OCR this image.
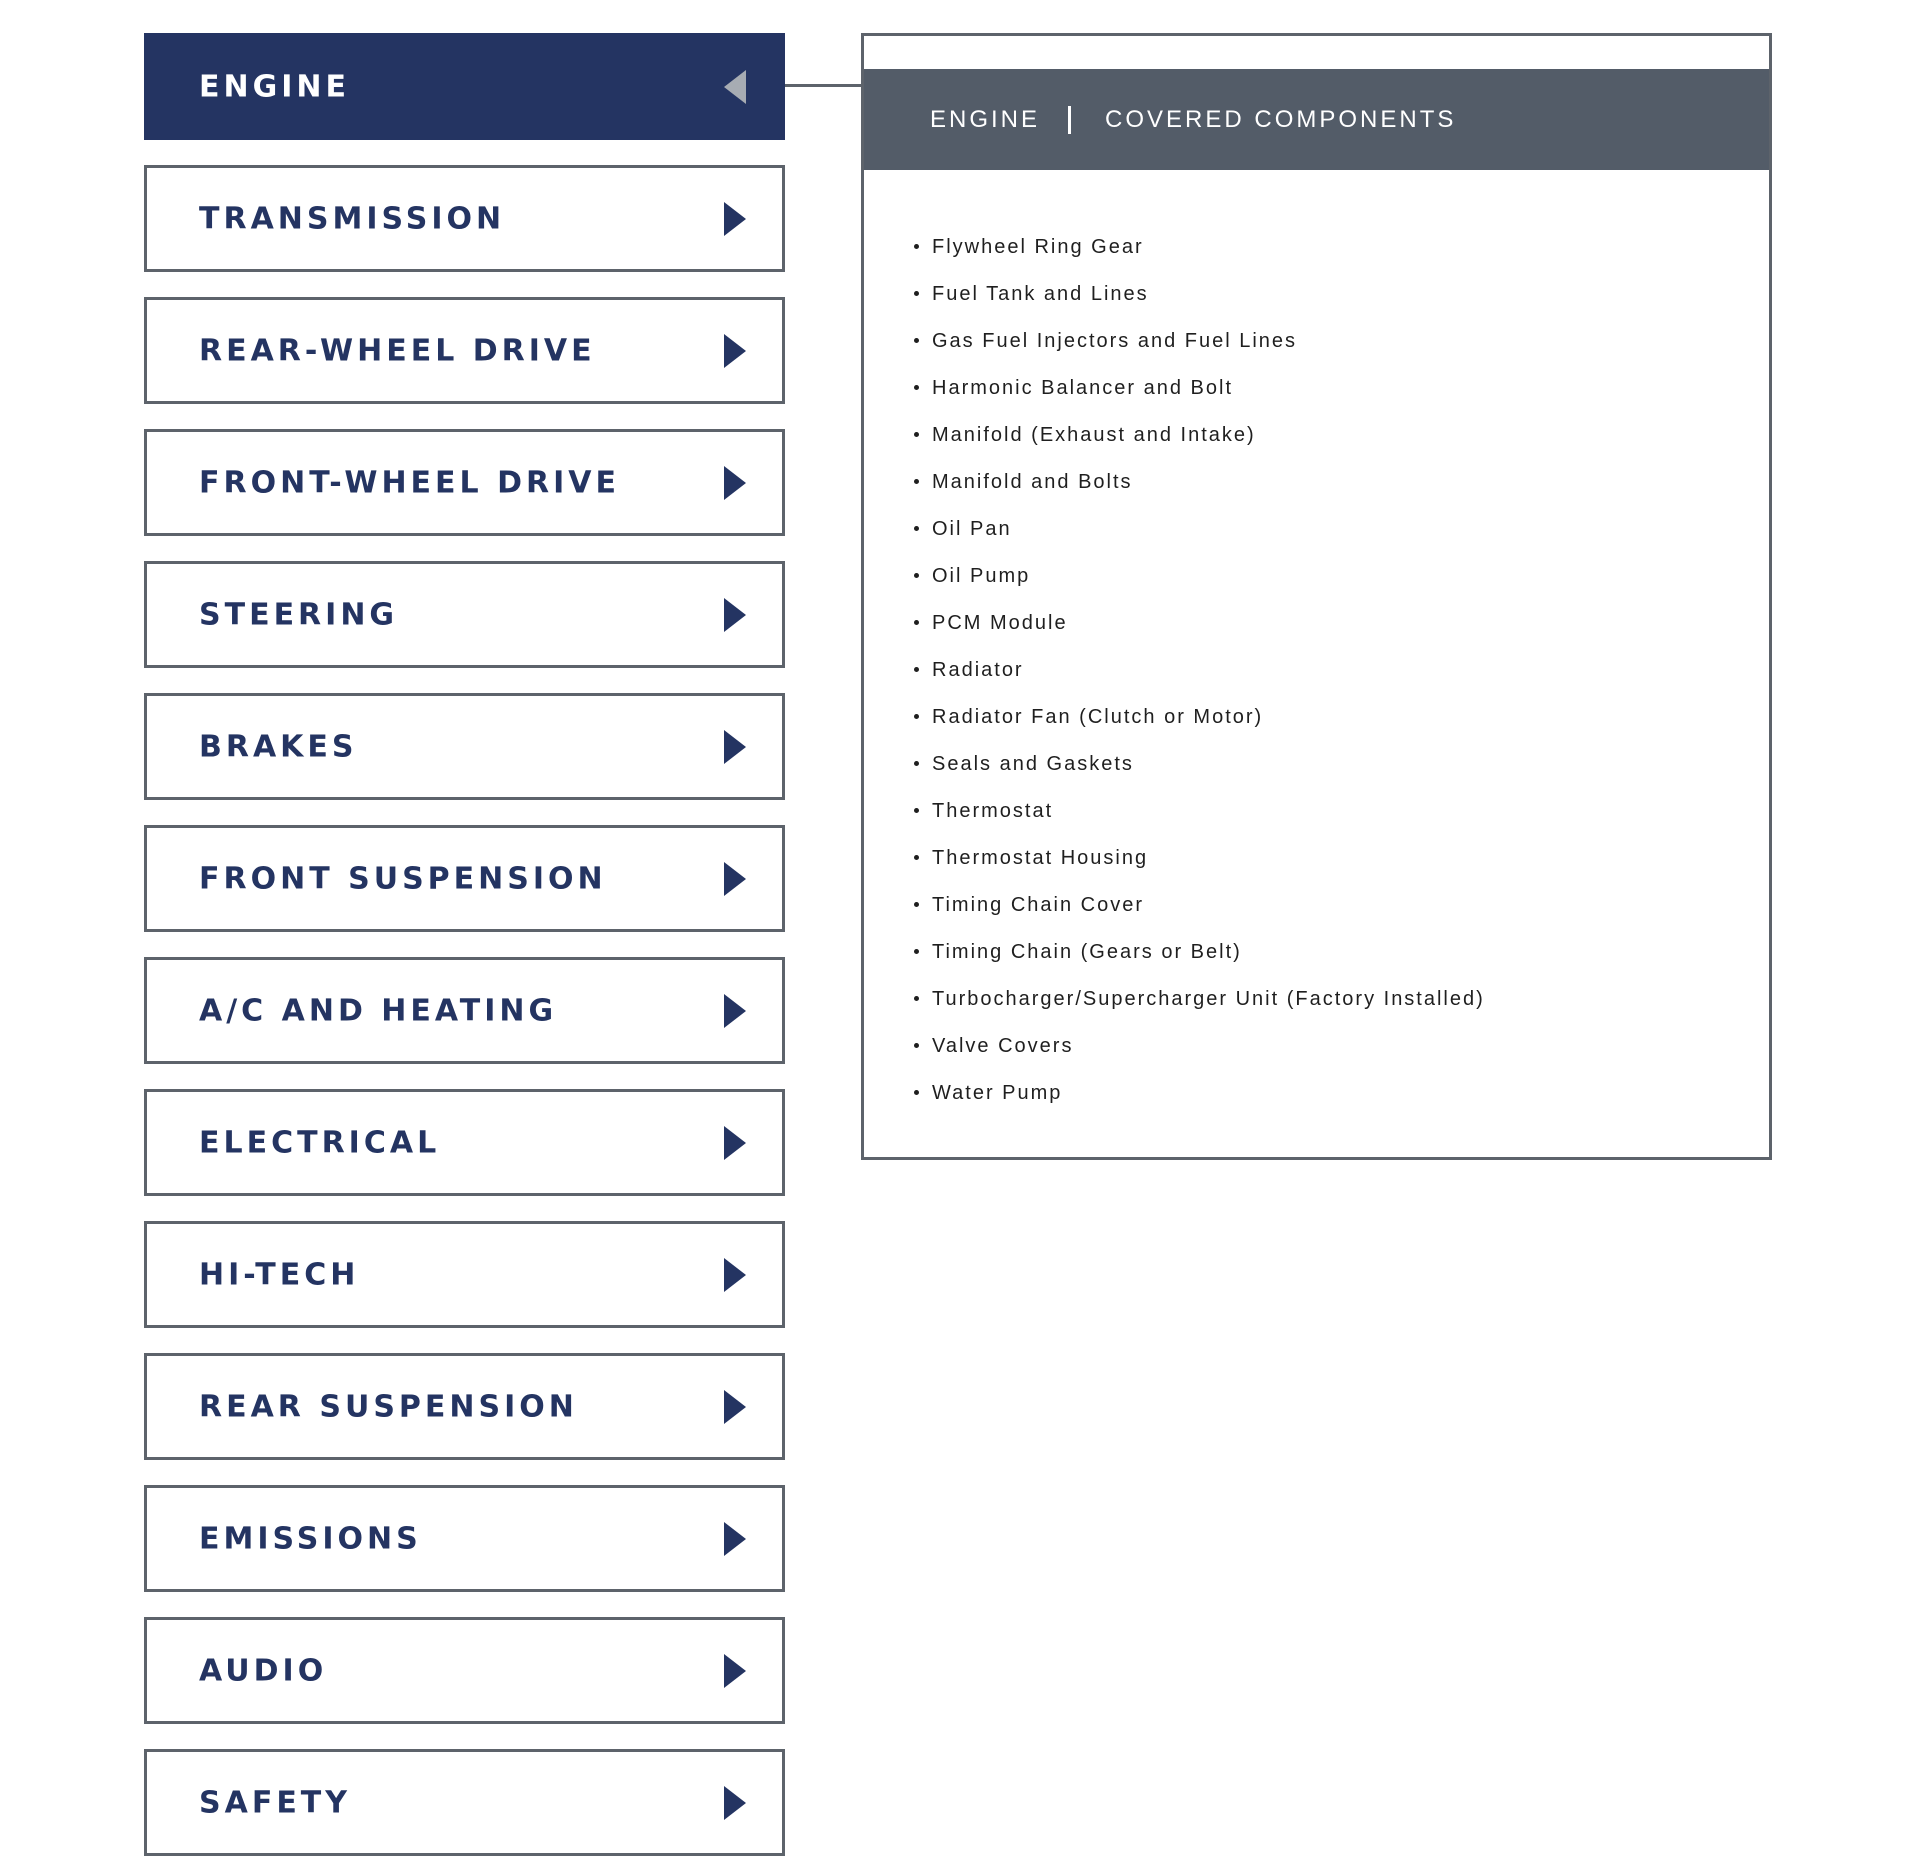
ENGINE
TRANSMISSION
REAR-WHEEL DRIVE
FRONT-WHEEL DRIVE
STEERING
BRAKES
FRONT SUSPENSION
A/C AND HEATING
ELECTRICAL
HI-TECH
REAR SUSPENSION
EMISSIONS
AUDIO
SAFETY
ENGINE	COVERED COMPONENTS
Flywheel Ring Gear
Fuel Tank and Lines
Gas Fuel Injectors and Fuel Lines
Harmonic Balancer and Bolt
Manifold (Exhaust and Intake)
Manifold and Bolts
Oil Pan
Oil Pump
PCM Module
Radiator
Radiator Fan (Clutch or Motor)
Seals and Gaskets
Thermostat
Thermostat Housing
Timing Chain Cover
Timing Chain (Gears or Belt)
Turbocharger/Supercharger Unit (Factory Installed)
Valve Covers
Water Pump
